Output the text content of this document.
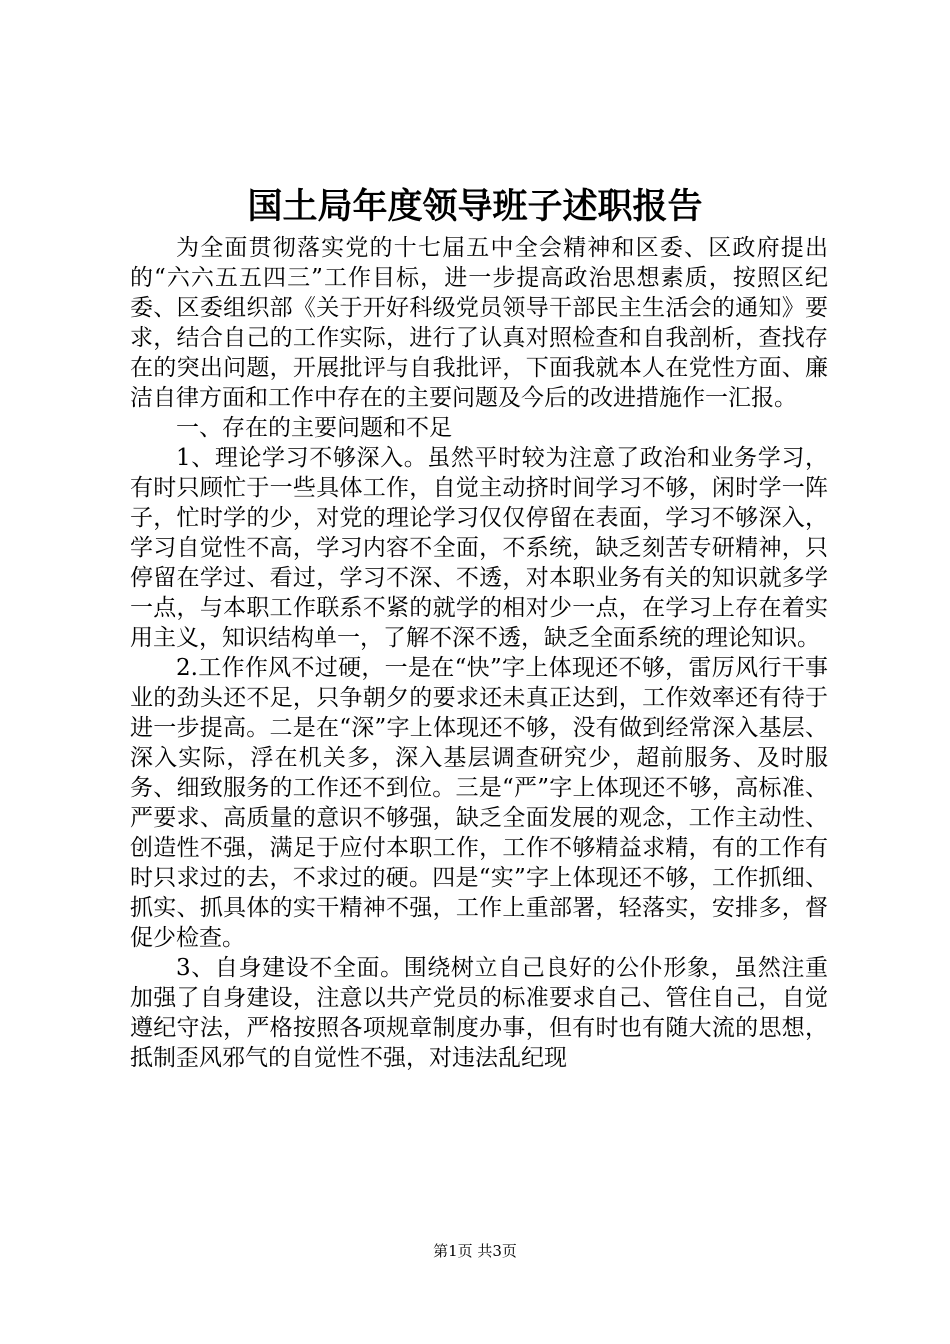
国土局年度领导班子述职报告

为全面贯彻落实党的十七届五中全会精神和区委、区政府提出的“六六五五四三”工作目标，进一步提高政治思想素质，按照区纪委、区委组织部《关于开好科级党员领导干部民主生活会的通知》要求，结合自己的工作实际，进行了认真对照检查和自我剖析，查找存在的突出问题，开展批评与自我批评，下面我就本人在党性方面、廉洁自律方面和工作中存在的主要问题及今后的改进措施作一汇报。

一、存在的主要问题和不足

1、理论学习不够深入。虽然平时较为注意了政治和业务学习，有时只顾忙于一些具体工作，自觉主动挤时间学习不够，闲时学一阵子，忙时学的少，对党的理论学习仅仅停留在表面，学习不够深入，学习自觉性不高，学习内容不全面，不系统，缺乏刻苦专研精神，只停留在学过、看过，学习不深、不透，对本职业务有关的知识就多学一点，与本职工作联系不紧的就学的相对少一点，在学习上存在着实用主义，知识结构单一，了解不深不透，缺乏全面系统的理论知识。

2.工作作风不过硬，一是在“快”字上体现还不够，雷厉风行干事业的劲头还不足，只争朝夕的要求还未真正达到，工作效率还有待于进一步提高。二是在“深”字上体现还不够，没有做到经常深入基层、深入实际，浮在机关多，深入基层调查研究少，超前服务、及时服务、细致服务的工作还不到位。三是“严”字上体现还不够，高标准、严要求、高质量的意识不够强，缺乏全面发展的观念，工作主动性、创造性不强，满足于应付本职工作，工作不够精益求精，有的工作有时只求过的去，不求过的硬。四是“实”字上体现还不够，工作抓细、抓实、抓具体的实干精神不强，工作上重部署，轻落实，安排多，督促少检查。

3、自身建设不全面。围绕树立自己良好的公仆形象，虽然注重加强了自身建设，注意以共产党员的标准要求自己、管住自己，自觉遵纪守法，严格按照各项规章制度办事，但有时也有随大流的思想，抵制歪风邪气的自觉性不强，对违法乱纪现

第1页 共3页
